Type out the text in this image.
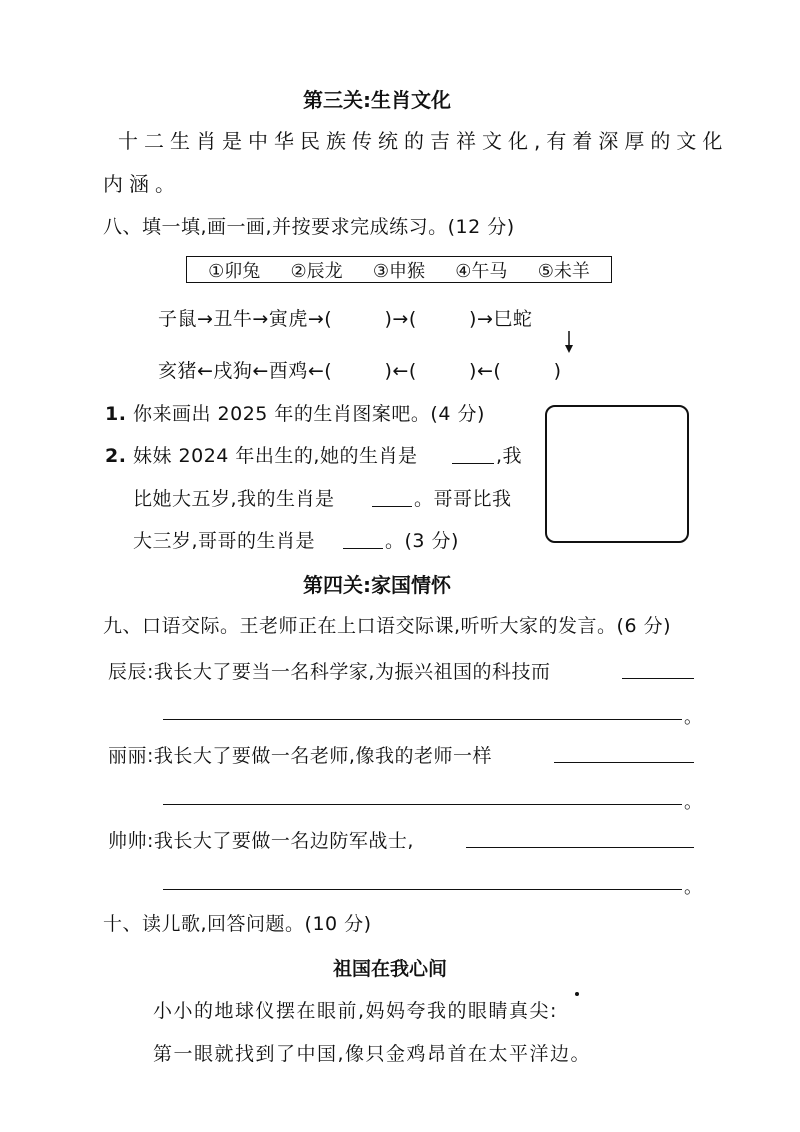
第三关:生肖文化
十二生肖是中华民族传统的吉祥文化,有着深厚的文化
内涵。
八、填一填,画一画,并按要求完成练习。(12 分)
①卯兔 ②辰龙 ③申猴 ④午马 ⑤未羊
子鼠→丑牛→寅虎→(        )→(        )→巳蛇
亥猪←戌狗←酉鸡←(        )←(        )←(        )
1. 你来画出 2025 年的生肖图案吧。(4 分)
2. 妹妹 2024 年出生的,她的生肖是	,我
比她大五岁,我的生肖是	。哥哥比我
大三岁,哥哥的生肖是	。(3 分)
第四关:家国情怀
九、口语交际。王老师正在上口语交际课,听听大家的发言。(6 分)
辰辰:我长大了要当一名科学家,为振兴祖国的科技而
。
丽丽:我长大了要做一名老师,像我的老师一样
。
帅帅:我长大了要做一名边防军战士,
。
十、读儿歌,回答问题。(10 分)
祖国在我心间
小小的地球仪摆在眼前,妈妈夸我的眼睛真尖:
第一眼就找到了中国,像只金鸡昂首在太平洋边。
